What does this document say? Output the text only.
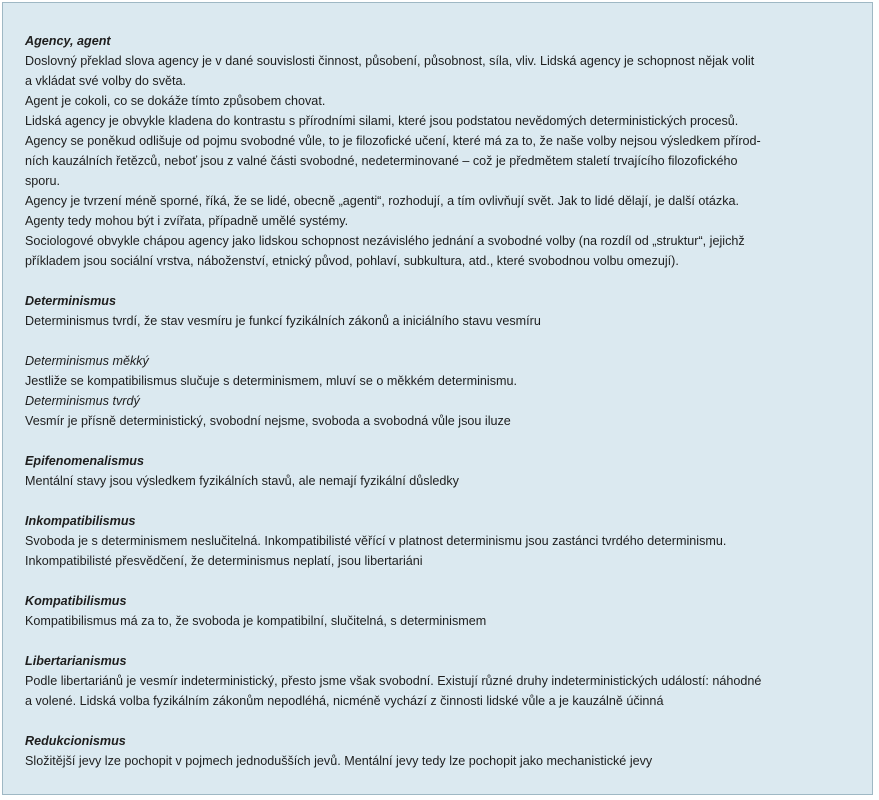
Agency, agent
Doslovný překlad slova agency je v dané souvislosti činnost, působení, působnost, síla, vliv. Lidská agency je schopnost nějak volit
a vkládat své volby do světa.
Agent je cokoli, co se dokáže tímto způsobem chovat.
Lidská agency je obvykle kladena do kontrastu s přírodními silami, které jsou podstatou nevědomých deterministických procesů.
Agency se poněkud odlišuje od pojmu svobodné vůle, to je filozofické učení, které má za to, že naše volby nejsou výsledkem přírod-
ních kauzálních řetězců, neboť jsou z valné části svobodné, nedeterminované – což je předmětem staletí trvajícího filozofického
sporu.
Agency je tvrzení méně sporné, říká, že se lidé, obecně „agenti“, rozhodují, a tím ovlivňují svět. Jak to lidé dělají, je další otázka.
Agenty tedy mohou být i zvířata, případně umělé systémy.
Sociologové obvykle chápou agency jako lidskou schopnost nezávislého jednání a svobodné volby (na rozdíl od „struktur“, jejichž
příkladem jsou sociální vrstva, náboženství, etnický původ, pohlaví, subkultura, atd., které svobodnou volbu omezují).
Determinismus
Determinismus tvrdí, že stav vesmíru je funkcí fyzikálních zákonů a iniciálního stavu vesmíru
Determinismus měkký
Jestliže se kompatibilismus slučuje s determinismem, mluví se o měkkém determinismu.
Determinismus tvrdý
Vesmír je přísně deterministický, svobodní nejsme, svoboda a svobodná vůle jsou iluze
Epifenomenalismus
Mentální stavy jsou výsledkem fyzikálních stavů, ale nemají fyzikální důsledky
Inkompatibilismus
Svoboda je s determinismem neslučitelná. Inkompatibilisté věřící v platnost determinismu jsou zastánci tvrdého determinismu.
Inkompatibilisté přesvědčení, že determinismus neplatí, jsou libertariáni
Kompatibilismus
Kompatibilismus má za to, že svoboda je kompatibilní, slučitelná, s determinismem
Libertarianismus
Podle libertariánů je vesmír indeterministický, přesto jsme však svobodní. Existují různé druhy indeterministických událostí: náhodné
a volené. Lidská volba fyzikálním zákonům nepodléhá, nicméně vychází z činnosti lidské vůle a je kauzálně účinná
Redukcionismus
Složitější jevy lze pochopit v pojmech jednodušších jevů. Mentální jevy tedy lze pochopit jako mechanistické jevy
